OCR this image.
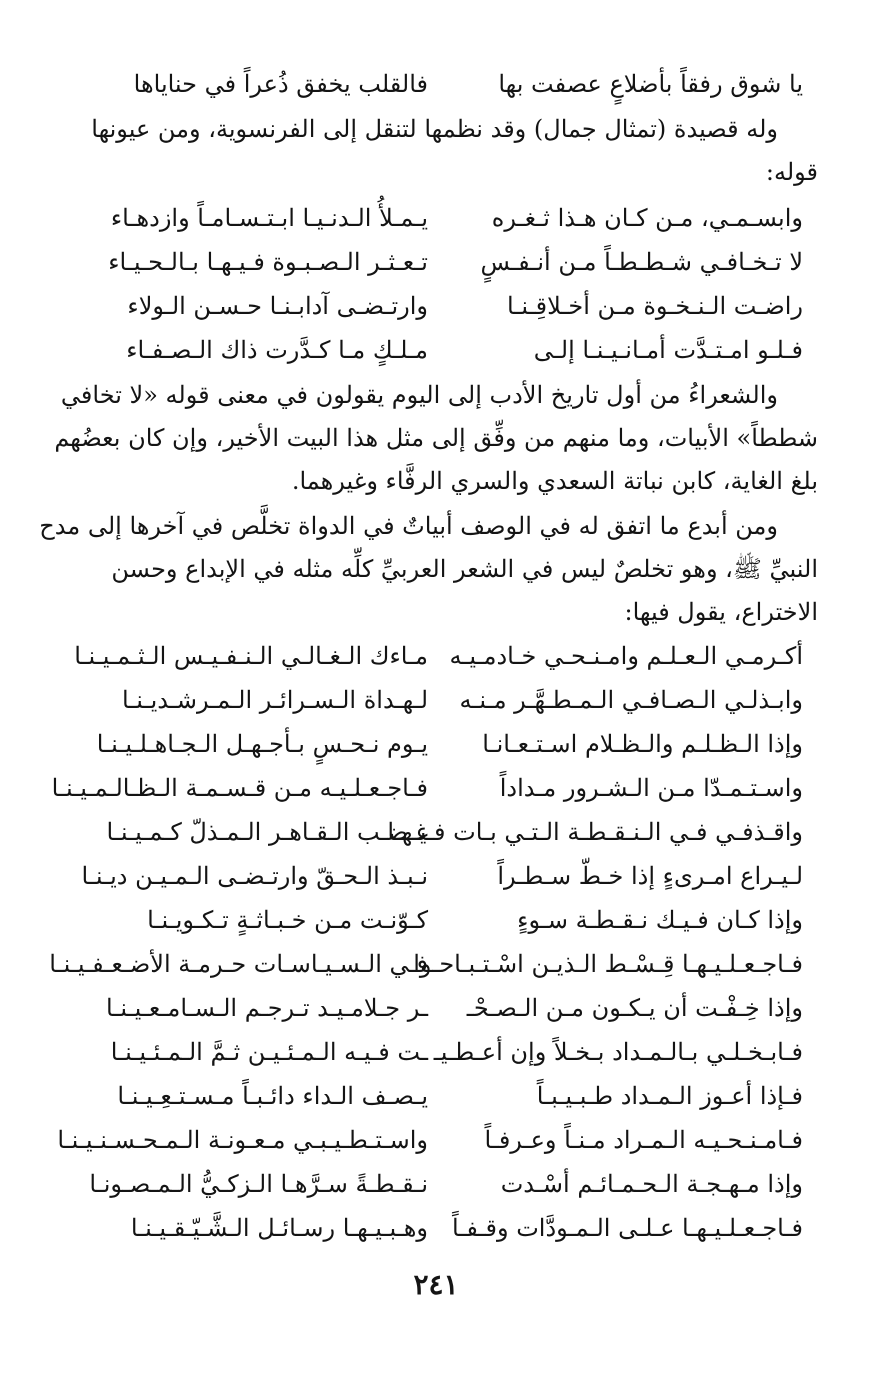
يا شوق رفقاً بأضلاعٍ عصفت بها
فالقلب يخفق ذُعراً في حناياها
وله قصيدة (تمثال جمال) وقد نظمها لتنقل إلى الفرنسوية، ومن عيونها
قوله:
وابسـمـي، مـن كـان هـذا ثـغـره
يـمـلأُ الـدنـيـا ابـتـسـامـاً وازدهـاء
لا تـخـافـي شـطـطـاً مـن أنـفـسٍ
تـعـثـر الـصـبـوة فـيـهـا بـالـحـيـاء
راضـت الـنـخـوة مـن أخـلاقِـنـا
وارتـضـى آدابـنـا حـسـن الـولاء
فـلـو امـتـدَّت أمـانـيـنـا إلـى
مـلـكٍ مـا كـدَّرت ذاك الـصـفـاء
والشعراءُ من أول تاريخ الأدب إلى اليوم يقولون في معنى قوله «لا تخافي
شططاً» الأبيات، وما منهم من وفِّق إلى مثل هذا البيت الأخير، وإن كان بعضُهم
بلغ الغاية، كابن نباتة السعدي والسري الرفَّاء وغيرهما.
ومن أبدع ما اتفق له في الوصف أبياتٌ في الدواة تخلَّص في آخرها إلى مدح
النبيِّ ﷺ، وهو تخلصٌ ليس في الشعر العربيِّ كلِّه مثله في الإبداع وحسن
الاختراع، يقول فيها:
أكـرمـي الـعـلـم وامـنـحـي خـادمـيـه
مـاءك الـغـالـي الـنـفـيـس الـثـمـيـنـا
وابـذلـي الـصـافـي الـمـطـهَّـر مـنـه
لـهـداة الـسـرائـر الـمـرشـديـنـا
وإذا الـظـلـم والـظـلام اسـتـعـانـا
يـوم نـحـسٍ بـأجـهـل الـجـاهـلـيـنـا
واسـتـمـدّا مـن الـشـرور مـداداً
فـاجـعـلـيـه مـن قـسـمـة الـظـالـمـيـنـا
واقـذفـي فـي الـنـقـطـة الـتـي بـات فـيـهـا
غـضـب الـقـاهـر الـمـذلّ كـمـيـنـا
لـيـراع امـرىءٍ إذا خـطّ سـطـراً
نـبـذ الـحـقّ وارتـضـى الـمـيـن ديـنـا
وإذا كـان فـيـك نـقـطـة سـوءٍ
كـوّنـت مـن خـبـاثـةٍ تـكـويـنـا
فـاجـعـلـيـهـا قِـسْـط الـذيـن اسْـتـبـاحـوا
فـي الـسـيـاسـات حـرمـة الأضـعـفـيـنـا
وإذا خِـفْـت أن يـكـون مـن الـصـحْـ
ـر جـلامـيـد تـرجـم الـسـامـعـيـنـا
فـابـخـلـي بـالـمـداد بـخـلاً وإن أعـطـيـ
ـت فـيـه الـمـئـيـن ثـمَّ الـمـئـيـنـا
فـإذا أعـوز الـمـداد طـبـيـبـاً
يـصـف الـداء دائـبـاً مـسـتـعِـيـنـا
فـامـنـحـيـه الـمـراد مـنـاً وعـرفـاً
واسـتـطـيـبـي مـعـونـة الـمـحـسـنـيـنـا
وإذا مـهـجـة الـحـمـائـم أسْـدت
نـقـطـةً سـرَّهـا الـزكـيُّ الـمـصـونـا
فـاجـعـلـيـهـا عـلـى الـمـودَّات وقـفـاً
وهـبـيـهـا رسـائـل الـشَّـيّـقـيـنـا
٢٤١
